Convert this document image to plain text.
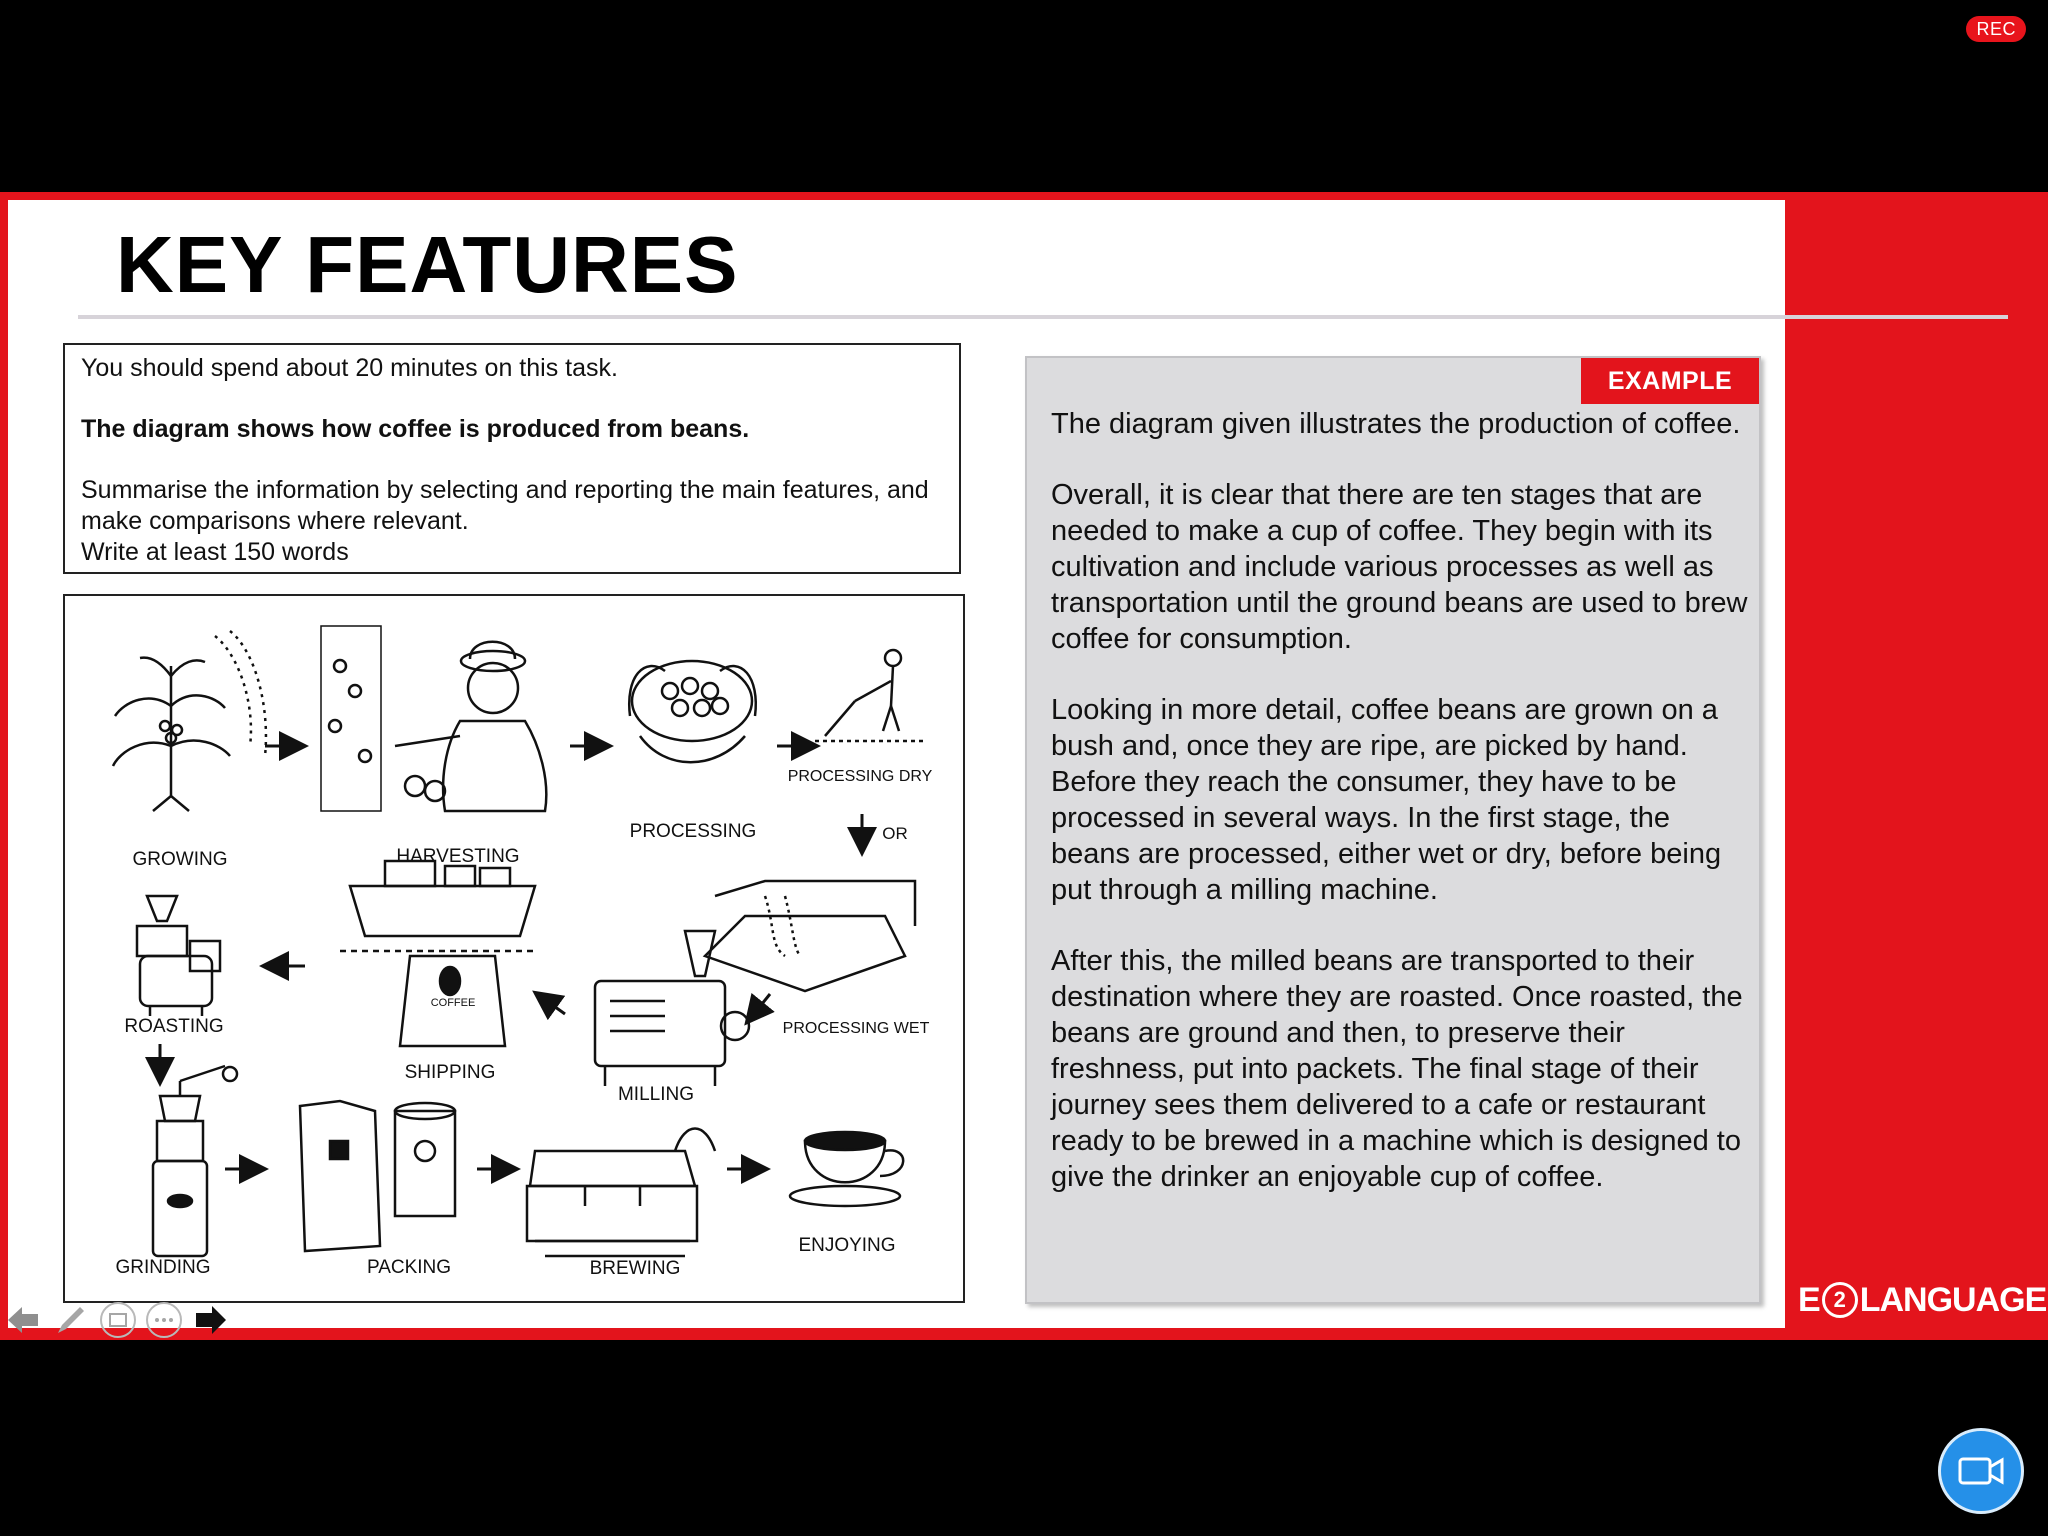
REC
KEY FEATURES

You should spend about 20 minutes on this task.

The diagram shows how coffee is produced from beans.

Summarise the information by selecting and reporting the main features, and make comparisons where relevant.

Write at least 150 words

COFFEE
GROWING	HARVESTING
PROCESSING
PROCESSING DRY
OR
PROCESSING WET
MILLING
SHIPPING
ROASTING
GRINDING	PACKING	BREWING
ENJOYING
EXAMPLE

The diagram given illustrates the production of coffee.

Overall, it is clear that there are ten stages that are needed to make a cup of coffee. They begin with its cultivation and include various processes as well as transportation until the ground beans are used to brew coffee for consumption.

Looking in more detail, coffee beans are grown on a bush and, once they are ripe, are picked by hand. Before they reach the consumer, they have to be processed in several ways. In the first stage, the beans are processed, either wet or dry, before being put through a milling machine.

After this, the milled beans are transported to their destination where they are roasted. Once roasted, the beans are ground and then, to preserve their freshness, put into packets. The final stage of their journey sees them delivered to a cafe or restaurant ready to be brewed in a machine which is designed to give the drinker an enjoyable cup of coffee.

E 2 LANGUAGE
